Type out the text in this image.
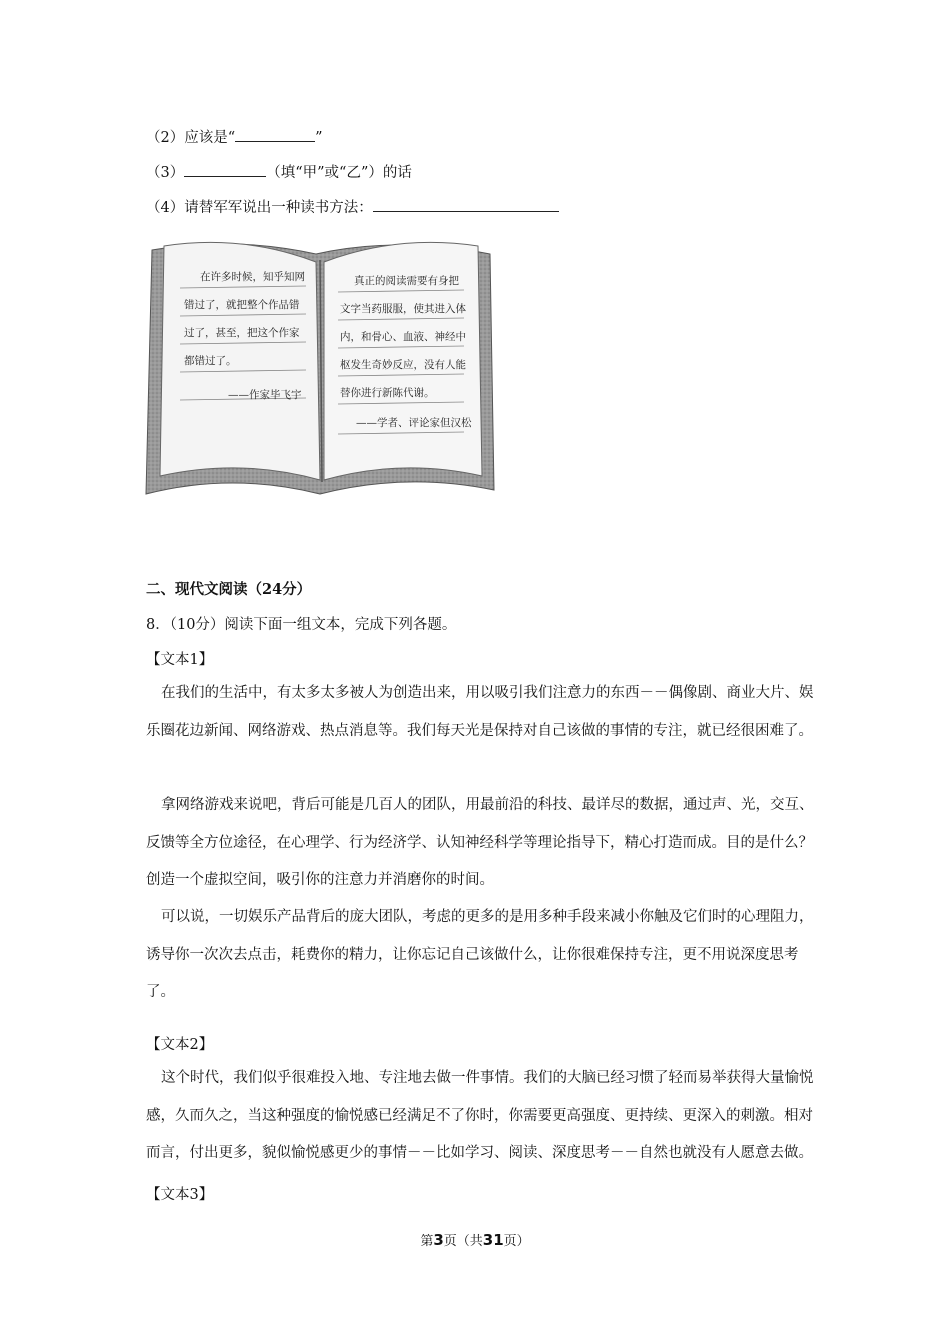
（2）应该是“	”
（3）	（填“甲”或“乙”）的话
（4）请替军军说出一种读书方法：
在许多时候，知乎知网
错过了，就把整个作品错
过了，甚至，把这个作家
都错过了。
——作家毕飞宇
真正的阅读需要有身把
文字当药服服，使其进入体
内，和骨心、血液、神经中
枢发生奇妙反应，没有人能
替你进行新陈代谢。
——学者、评论家但汉松
二、现代文阅读（24分）
8．（10分）阅读下面一组文本，完成下列各题。
【文本1】
在我们的生活中，有太多太多被人为创造出来，用以吸引我们注意力的东西－－偶像剧、商业大片、娱乐圈花边新闻、网络游戏、热点消息等。我们每天光是保持对自己该做的事情的专注，就已经很困难了。
拿网络游戏来说吧，背后可能是几百人的团队，用最前沿的科技、最详尽的数据，通过声、光，交互、反馈等全方位途径，在心理学、行为经济学、认知神经科学等理论指导下，精心打造而成。目的是什么？创造一个虚拟空间，吸引你的注意力并消磨你的时间。
可以说，一切娱乐产品背后的庞大团队，考虑的更多的是用多种手段来减小你触及它们时的心理阻力，诱导你一次次去点击，耗费你的精力，让你忘记自己该做什么，让你很难保持专注，更不用说深度思考了。
【文本2】
这个时代，我们似乎很难投入地、专注地去做一件事情。我们的大脑已经习惯了轻而易举获得大量愉悦感，久而久之，当这种强度的愉悦感已经满足不了你时，你需要更高强度、更持续、更深入的刺激。相对而言，付出更多，貌似愉悦感更少的事情－－比如学习、阅读、深度思考－－自然也就没有人愿意去做。
【文本3】
第3页（共31页）
